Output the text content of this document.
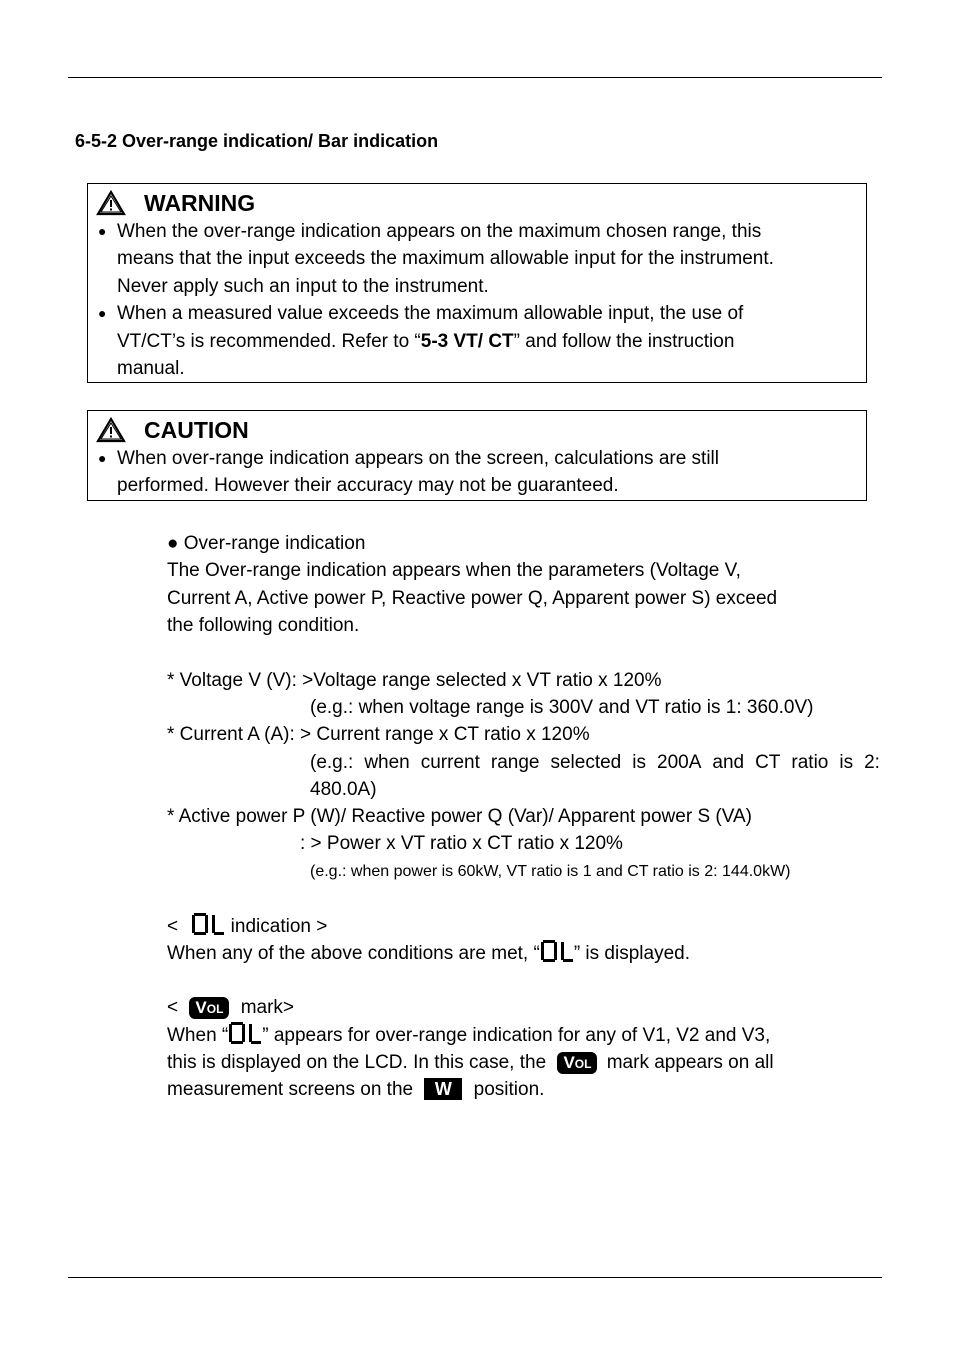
6-5-2 Over-range indication/ Bar indication
WARNING
● When the over-range indication appears on the maximum chosen range, this
means that the input exceeds the maximum allowable input for the instrument.
Never apply such an input to the instrument.
● When a measured value exceeds the maximum allowable input, the use of
VT/CT’s is recommended. Refer to “5-3 VT/ CT” and follow the instruction
manual.
CAUTION
● When over-range indication appears on the screen, calculations are still
performed. However their accuracy may not be guaranteed.
● Over-range indication
The Over-range indication appears when the parameters (Voltage V,
Current A, Active power P, Reactive power Q, Apparent power S) exceed
the following condition.
* Voltage V (V): >Voltage range selected x VT ratio x 120%
(e.g.: when voltage range is 300V and VT ratio is 1: 360.0V)
* Current A (A): > Current range x CT ratio x 120%
(e.g.: when current range selected is 200A and CT ratio is 2:
480.0A)
* Active power P (W)/ Reactive power Q (Var)/ Apparent power S (VA)
: > Power x VT ratio x CT ratio x 120%
(e.g.: when power is 60kW, VT ratio is 1 and CT ratio is 2: 144.0kW)
<	indication >
When any of the above conditions are met, “ ” is displayed.
< VOL mark>
When “ ” appears for over-range indication for any of V1, V2 and V3,
this is displayed on the LCD. In this case, the VOL mark appears on all
measurement screens on the W position.
